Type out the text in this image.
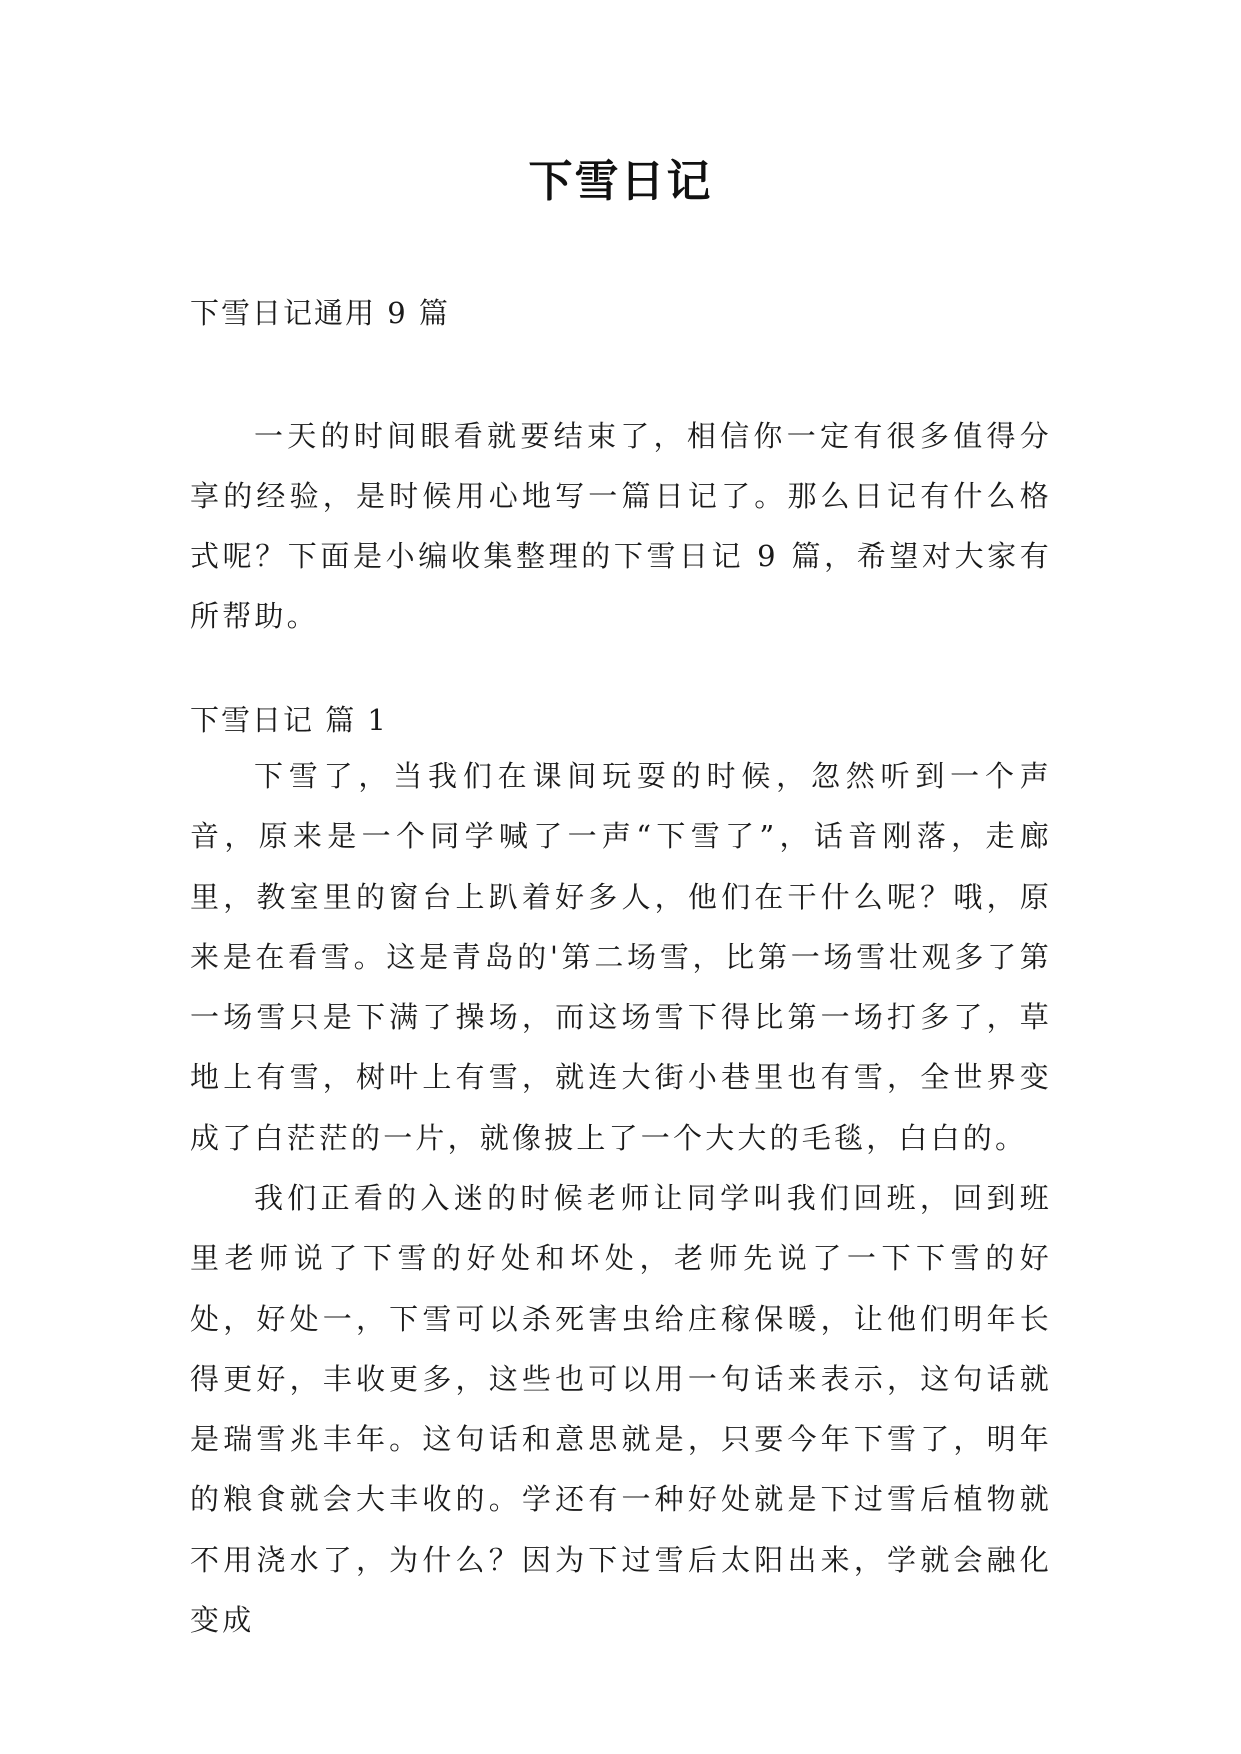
下雪日记

下雪日记通用 9 篇

一天的时间眼看就要结束了，相信你一定有很多值得分享的经验，是时候用心地写一篇日记了。那么日记有什么格式呢？下面是小编收集整理的下雪日记 9 篇，希望对大家有所帮助。

下雪日记 篇 1

下雪了，当我们在课间玩耍的时候，忽然听到一个声音，原来是一个同学喊了一声“下雪了”，话音刚落，走廊里，教室里的窗台上趴着好多人，他们在干什么呢？哦，原来是在看雪。这是青岛的'第二场雪，比第一场雪壮观多了第一场雪只是下满了操场，而这场雪下得比第一场打多了，草地上有雪，树叶上有雪，就连大街小巷里也有雪，全世界变成了白茫茫的一片，就像披上了一个大大的毛毯，白白的。

我们正看的入迷的时候老师让同学叫我们回班，回到班里老师说了下雪的好处和坏处，老师先说了一下下雪的好处，好处一，下雪可以杀死害虫给庄稼保暖，让他们明年长得更好，丰收更多，这些也可以用一句话来表示，这句话就是瑞雪兆丰年。这句话和意思就是，只要今年下雪了，明年的粮食就会大丰收的。学还有一种好处就是下过雪后植物就不用浇水了，为什么？因为下过雪后太阳出来，学就会融化变成
